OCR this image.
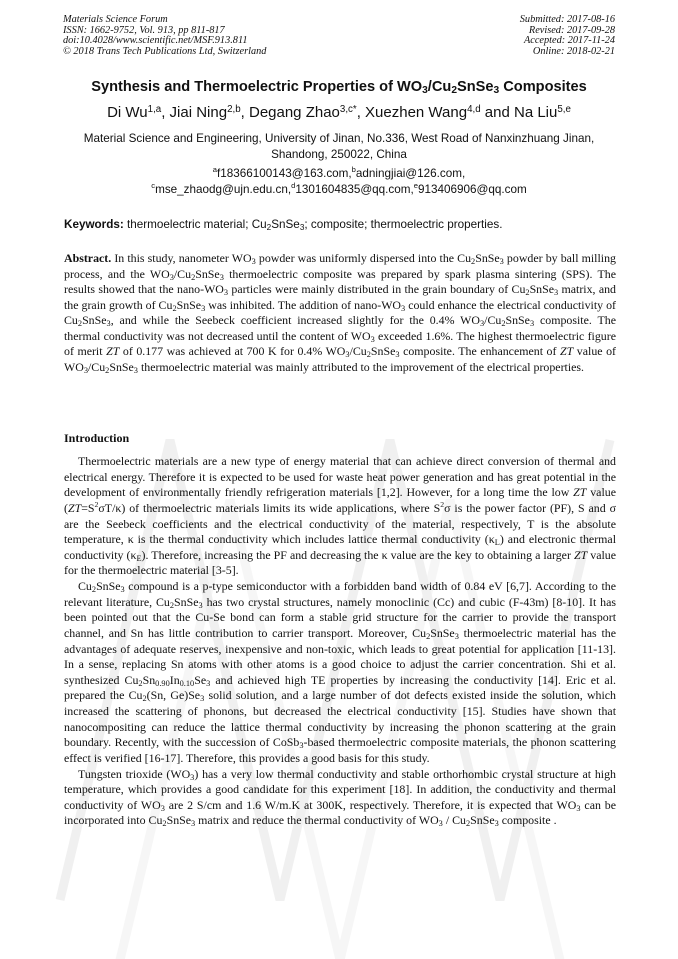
Materials Science Forum
ISSN: 1662-9752, Vol. 913, pp 811-817
doi:10.4028/www.scientific.net/MSF.913.811
© 2018 Trans Tech Publications Ltd, Switzerland
Submitted: 2017-08-16
Revised: 2017-09-28
Accepted: 2017-11-24
Online: 2018-02-21
Synthesis and Thermoelectric Properties of $WO_3/Cu_2SnSe_3$ Composites
Di Wu$^{1,a}$, Jiai Ning$^{2,b}$, Degang Zhao$^{3,c*}$, Xuezhen Wang$^{4,d}$ and Na Liu$^{5,e}$
Material Science and Engineering, University of Jinan, No.336, West Road of Nanxinzhuang Jinan, Shandong, 250022, China
$^a$f18366100143@163.com,$^b$adningjiai@126.com,
$^c$mse_zhaodg@ujn.edu.cn,$^d$1301604835@qq.com,$^e$913406906@qq.com
Keywords: thermoelectric material; $Cu_2SnSe_3$; composite; thermoelectric properties.
Abstract. In this study, nanometer $WO_3$ powder was uniformly dispersed into the $Cu_2SnSe_3$ powder by ball milling process, and the $WO_3/Cu_2SnSe_3$ thermoelectric composite was prepared by spark plasma sintering (SPS). The results showed that the nano-$WO_3$ particles were mainly distributed in the grain boundary of $Cu_2SnSe_3$ matrix, and the grain growth of $Cu_2SnSe_3$ was inhibited. The addition of nano-$WO_3$ could enhance the electrical conductivity of $Cu_2SnSe_3$, and while the Seebeck coefficient increased slightly for the 0.4% $WO_3/Cu_2SnSe_3$ composite. The thermal conductivity was not decreased until the content of $WO_3$ exceeded 1.6%. The highest thermoelectric figure of merit ZT of 0.177 was achieved at 700 K for 0.4% $WO_3/Cu_2SnSe_3$ composite. The enhancement of ZT value of $WO_3/Cu_2SnSe_3$ thermoelectric material was mainly attributed to the improvement of the electrical properties.
Introduction

Thermoelectric materials are a new type of energy material that can achieve direct conversion of thermal and electrical energy. Therefore it is expected to be used for waste heat power generation and has great potential in the development of environmentally friendly refrigeration materials [1,2]. However, for a long time the low ZT value $(ZT=S^2\sigma T/\kappa)$ of thermoelectric materials limits its wide applications, where $S^2\sigma$ is the power factor (PF), S and σ are the Seebeck coefficients and the electrical conductivity of the material, respectively, T is the absolute temperature, κ is the thermal conductivity which includes lattice thermal conductivity $(\kappa_L)$ and electronic thermal conductivity $(\kappa_E)$. Therefore, increasing the PF and decreasing the κ value are the key to obtaining a larger ZT value for the thermoelectric material [3-5].

$Cu_2SnSe_3$ compound is a p-type semiconductor with a forbidden band width of 0.84 eV [6,7]. According to the relevant literature, $Cu_2SnSe_3$ has two crystal structures, namely monoclinic (Cc) and cubic (F-43m) [8-10]. It has been pointed out that the Cu-Se bond can form a stable grid structure for the carrier to provide the transport channel, and Sn has little contribution to carrier transport. Moreover, $Cu_2SnSe_3$ thermoelectric material has the advantages of adequate reserves, inexpensive and non-toxic, which leads to great potential for application [11-13]. In a sense, replacing Sn atoms with other atoms is a good choice to adjust the carrier concentration. Shi et al. synthesized $Cu_2Sn_{0.90}In_{0.10}Se_3$ and achieved high TE properties by increasing the conductivity [14]. Eric et al. prepared the $Cu_2(Sn$, $Ge)Se_3$ solid solution, and a large number of dot defects existed inside the solution, which increased the scattering of phonons, but decreased the electrical conductivity [15]. Studies have shown that nanocompositing can reduce the lattice thermal conductivity by increasing the phonon scattering at the grain boundary. Recently, with the succession of CoSb$_3$-based thermoelectric composite materials, the phonon scattering effect is verified [16-17]. Therefore, this provides a good basis for this study.

Tungsten trioxide $(WO_3)$ has a very low thermal conductivity and stable orthorhombic crystal structure at high temperature, which provides a good candidate for this experiment [18]. In addition, the conductivity and thermal conductivity of $WO_3$ are 2 S/cm and 1.6 W/m.K at 300K, respectively. Therefore, it is expected that $WO_3$ can be incorporated into $Cu_2SnSe_3$ matrix and reduce the thermal conductivity of $WO_3$ / $Cu_2SnSe_3$ composite .
